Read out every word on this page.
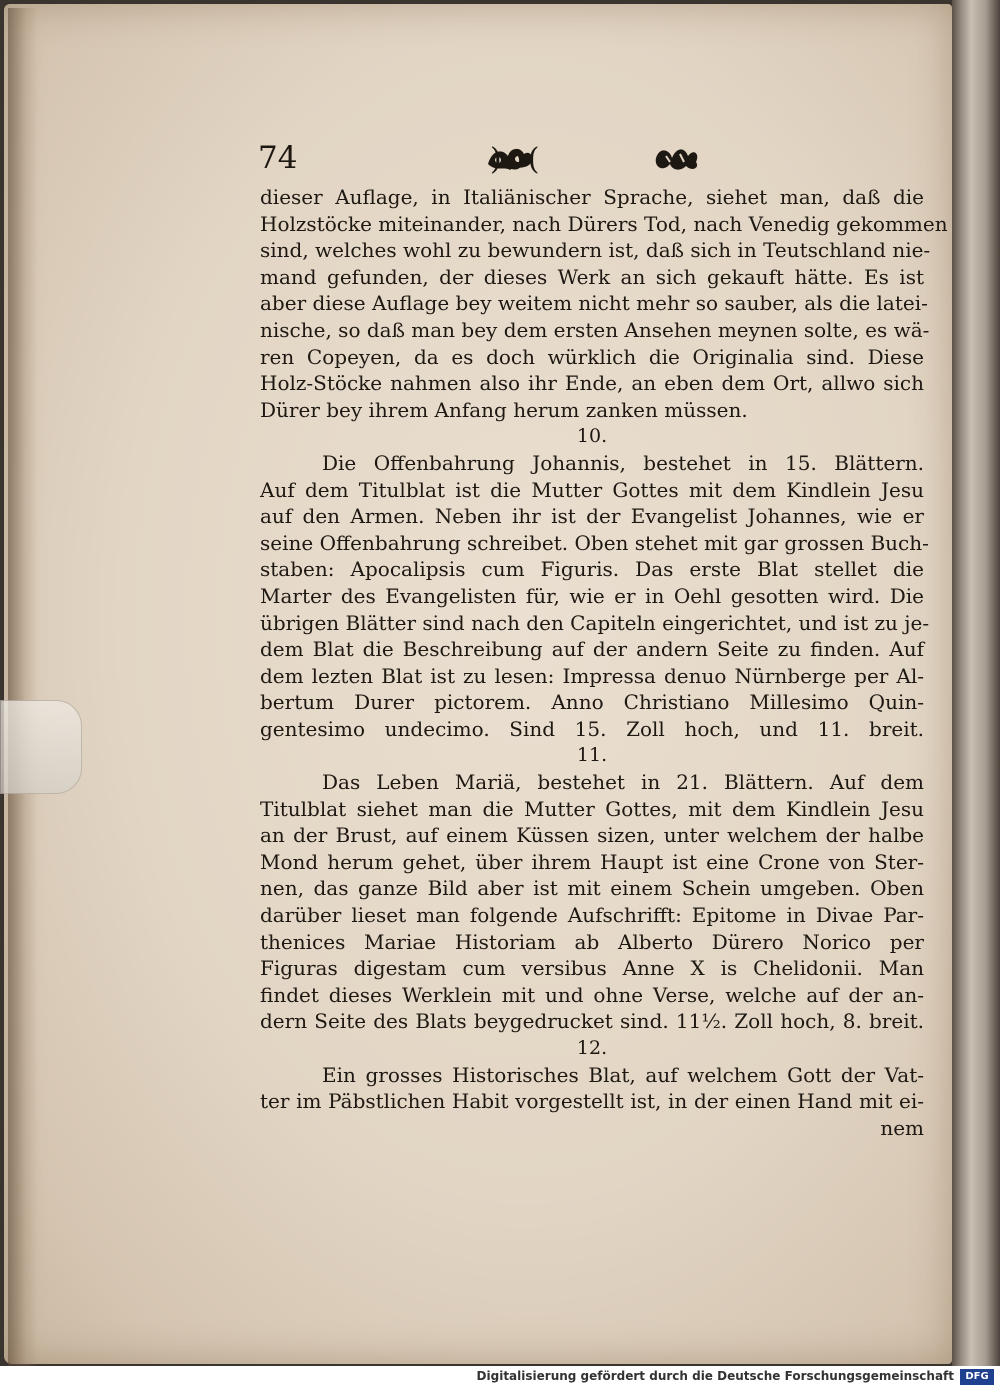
74	)o(
dieser Auflage, in Italiänischer Sprache, siehet man, daß die
Holzstöcke miteinander, nach Dürers Tod, nach Venedig gekommen
sind, welches wohl zu bewundern ist, daß sich in Teutschland nie-
mand gefunden, der dieses Werk an sich gekauft hätte. Es ist
aber diese Auflage bey weitem nicht mehr so sauber, als die latei-
nische, so daß man bey dem ersten Ansehen meynen solte, es wä-
ren Copeyen, da es doch würklich die Originalia sind. Diese
Holz-Stöcke nahmen also ihr Ende, an eben dem Ort, allwo sich
Dürer bey ihrem Anfang herum zanken müssen.
10.
Die Offenbahrung Johannis, bestehet in 15. Blättern.
Auf dem Titulblat ist die Mutter Gottes mit dem Kindlein Jesu
auf den Armen. Neben ihr ist der Evangelist Johannes, wie er
seine Offenbahrung schreibet. Oben stehet mit gar grossen Buch-
staben: Apocalipsis cum Figuris. Das erste Blat stellet die
Marter des Evangelisten für, wie er in Oehl gesotten wird. Die
übrigen Blätter sind nach den Capiteln eingerichtet, und ist zu je-
dem Blat die Beschreibung auf der andern Seite zu finden. Auf
dem lezten Blat ist zu lesen: Impressa denuo Nürnberge per Al-
bertum Durer pictorem. Anno Christiano Millesimo Quin-
gentesimo undecimo. Sind 15. Zoll hoch, und 11. breit.
11.
Das Leben Mariä, bestehet in 21. Blättern. Auf dem
Titulblat siehet man die Mutter Gottes, mit dem Kindlein Jesu
an der Brust, auf einem Küssen sizen, unter welchem der halbe
Mond herum gehet, über ihrem Haupt ist eine Crone von Ster-
nen, das ganze Bild aber ist mit einem Schein umgeben. Oben
darüber lieset man folgende Aufschrifft: Epitome in Divae Par-
thenices Mariae Historiam ab Alberto Dürero Norico per
Figuras digestam cum versibus Anne X is Chelidonii. Man
findet dieses Werklein mit und ohne Verse, welche auf der an-
dern Seite des Blats beygedrucket sind. 11½. Zoll hoch, 8. breit.
12.
Ein grosses Historisches Blat, auf welchem Gott der Vat-
ter im Päbstlichen Habit vorgestellt ist, in der einen Hand mit ei-
nem
Digitalisierung gefördert durch die Deutsche Forschungsgemeinschaft	DFG
